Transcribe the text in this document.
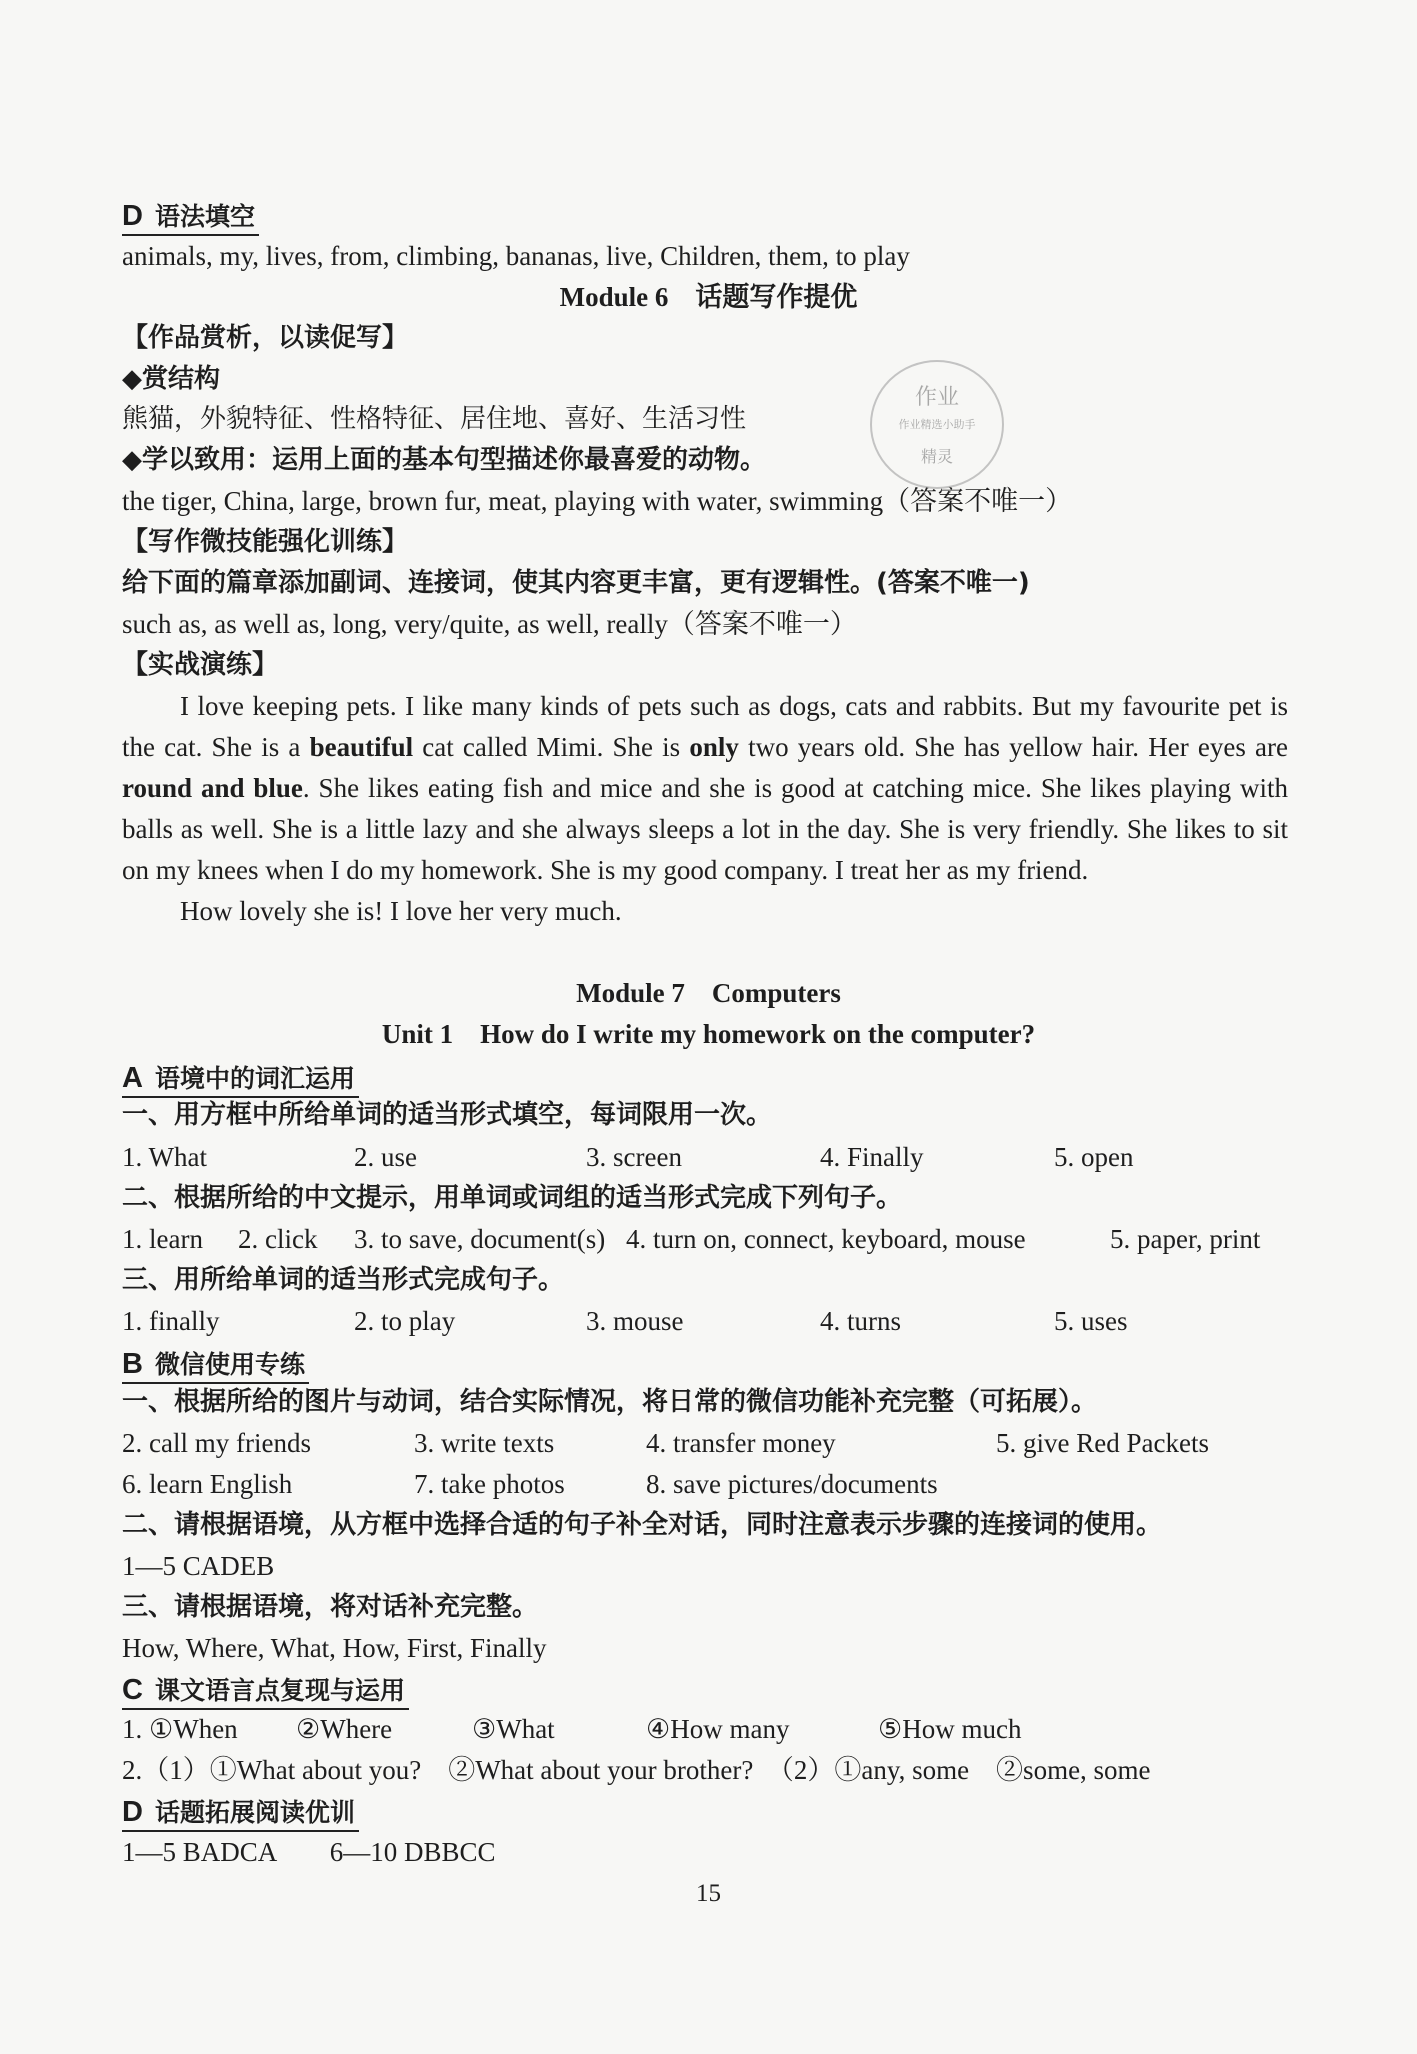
D 语法填空
animals, my, lives, from, climbing, bananas, live, Children, them, to play
Module 6　话题写作提优
【作品赏析，以读促写】
◆赏结构
熊猫，外貌特征、性格特征、居住地、喜好、生活习性
◆学以致用：运用上面的基本句型描述你最喜爱的动物。
the tiger, China, large, brown fur, meat, playing with water, swimming（答案不唯一）
【写作微技能强化训练】
给下面的篇章添加副词、连接词，使其内容更丰富，更有逻辑性。(答案不唯一)
such as, as well as, long, very/quite, as well, really（答案不唯一）
【实战演练】

I love keeping pets. I like many kinds of pets such as dogs, cats and rabbits. But my favourite pet is the cat. She is a beautiful cat called Mimi. She is only two years old. She has yellow hair. Her eyes are round and blue. She likes eating fish and mice and she is good at catching mice. She likes playing with balls as well. She is a little lazy and she always sleeps a lot in the day. She is very friendly. She likes to sit on my knees when I do my homework. She is my good company. I treat her as my friend.

How lovely she is! I love her very much.

Module 7　Computers
Unit 1　How do I write my homework on the computer?
A 语境中的词汇运用
一、用方框中所给单词的适当形式填空，每词限用一次。
1. What	2. use	3. screen	4. Finally	5. open
二、根据所给的中文提示，用单词或词组的适当形式完成下列句子。
1. learn 2. click 3. to save, document(s) 4. turn on, connect, keyboard, mouse	5. paper, print
三、用所给单词的适当形式完成句子。
1. finally	2. to play	3. mouse	4. turns	5. uses
B 微信使用专练
一、根据所给的图片与动词，结合实际情况，将日常的微信功能补充完整（可拓展）。
2. call my friends	3. write texts	4. transfer money	5. give Red Packets
6. learn English	7. take photos	8. save pictures/documents
二、请根据语境，从方框中选择合适的句子补全对话，同时注意表示步骤的连接词的使用。
1—5 CADEB
三、请根据语境，将对话补充完整。
How, Where, What, How, First, Finally
C 课文语言点复现与运用
1. ①When ②Where	③What	④How many	⑤How much
2.（1）①What about you?　②What about your brother?　（2）①any, some　②some, some
D 话题拓展阅读优训
1—5 BADCA　　6—10 DBBCC
15
作业
作业精选小助手
精灵
